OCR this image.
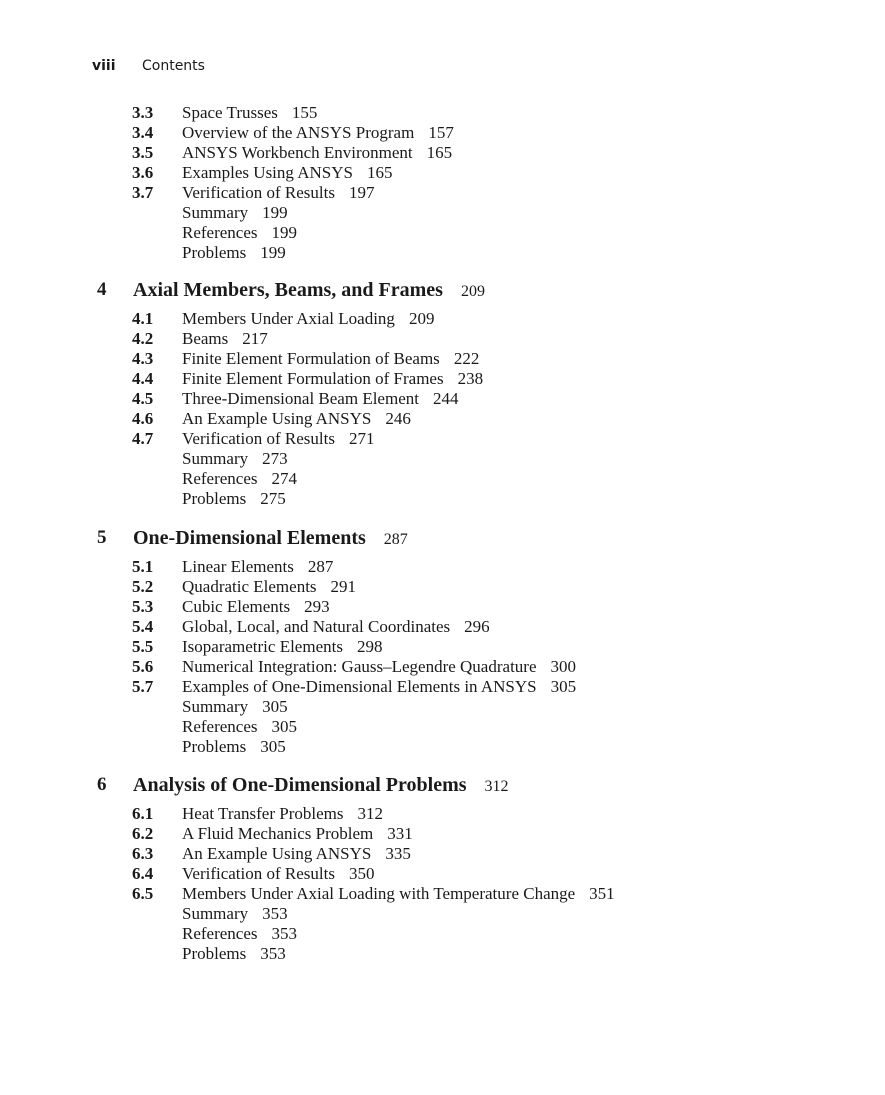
viii Contents
3.3 Space Trusses 155
3.4 Overview of the ANSYS Program 157
3.5 ANSYS Workbench Environment 165
3.6 Examples Using ANSYS 165
3.7 Verification of Results 197
Summary 199
References 199
Problems 199
4 Axial Members, Beams, and Frames 209
4.1 Members Under Axial Loading 209
4.2 Beams 217
4.3 Finite Element Formulation of Beams 222
4.4 Finite Element Formulation of Frames 238
4.5 Three-Dimensional Beam Element 244
4.6 An Example Using ANSYS 246
4.7 Verification of Results 271
Summary 273
References 274
Problems 275
5 One-Dimensional Elements 287
5.1 Linear Elements 287
5.2 Quadratic Elements 291
5.3 Cubic Elements 293
5.4 Global, Local, and Natural Coordinates 296
5.5 Isoparametric Elements 298
5.6 Numerical Integration: Gauss–Legendre Quadrature 300
5.7 Examples of One-Dimensional Elements in ANSYS 305
Summary 305
References 305
Problems 305
6 Analysis of One-Dimensional Problems 312
6.1 Heat Transfer Problems 312
6.2 A Fluid Mechanics Problem 331
6.3 An Example Using ANSYS 335
6.4 Verification of Results 350
6.5 Members Under Axial Loading with Temperature Change 351
Summary 353
References 353
Problems 353
